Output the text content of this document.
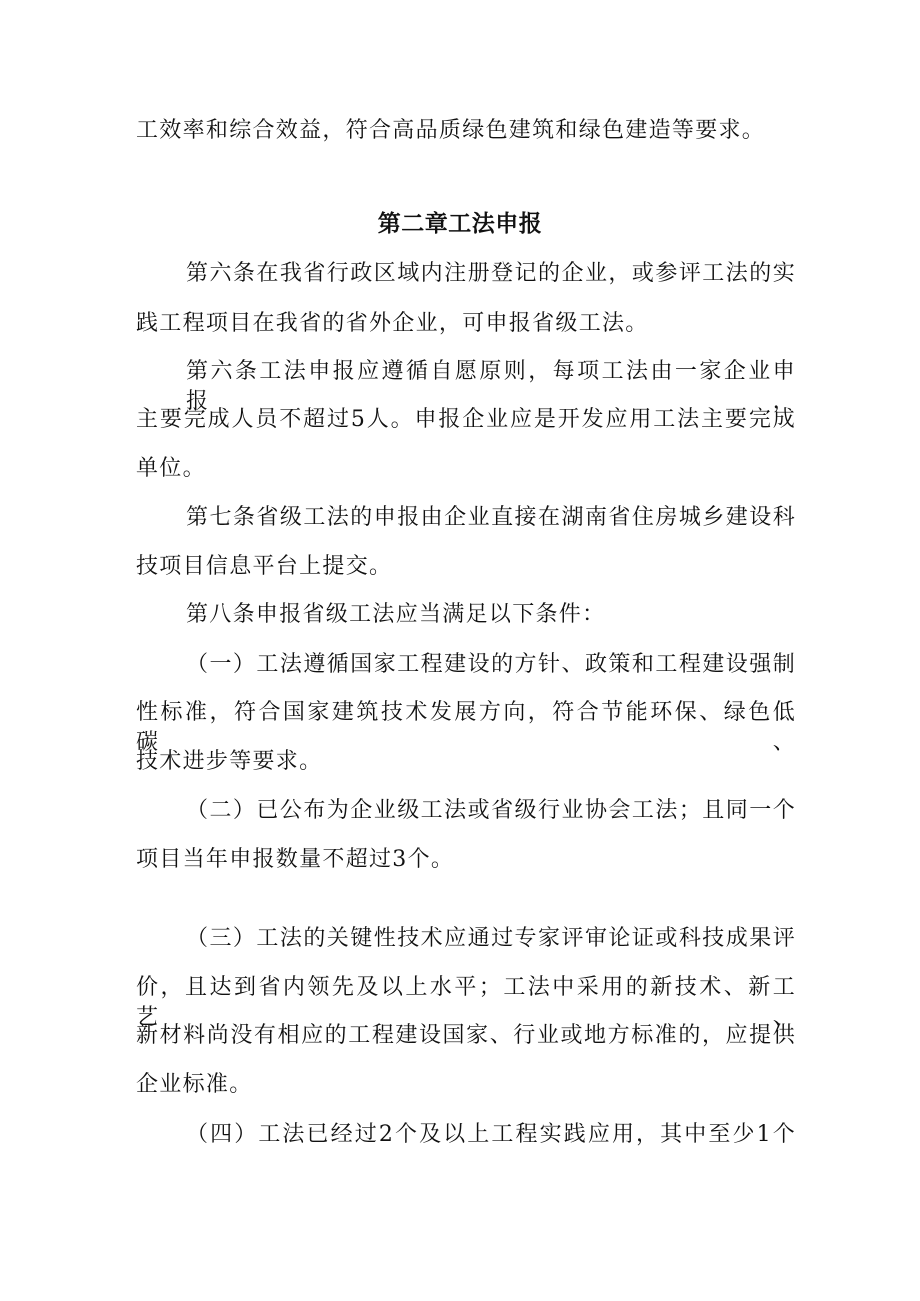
工效率和综合效益，符合高品质绿色建筑和绿色建造等要求。
第二章工法申报
第六条在我省行政区域内注册登记的企业，或参评工法的实
践工程项目在我省的省外企业，可申报省级工法。
第六条工法申报应遵循自愿原则，每项工法由一家企业申报，
主要完成人员不超过5人。申报企业应是开发应用工法主要完成
单位。
第七条省级工法的申报由企业直接在湖南省住房城乡建设科
技项目信息平台上提交。
第八条申报省级工法应当满足以下条件：
（一）工法遵循国家工程建设的方针、政策和工程建设强制
性标准，符合国家建筑技术发展方向，符合节能环保、绿色低碳、
技术进步等要求。
（二）已公布为企业级工法或省级行业协会工法；且同一个
项目当年申报数量不超过3个。
（三）工法的关键性技术应通过专家评审论证或科技成果评
价，且达到省内领先及以上水平；工法中采用的新技术、新工艺、
新材料尚没有相应的工程建设国家、行业或地方标准的，应提供
企业标准。
（四）工法已经过2个及以上工程实践应用，其中至少1个
